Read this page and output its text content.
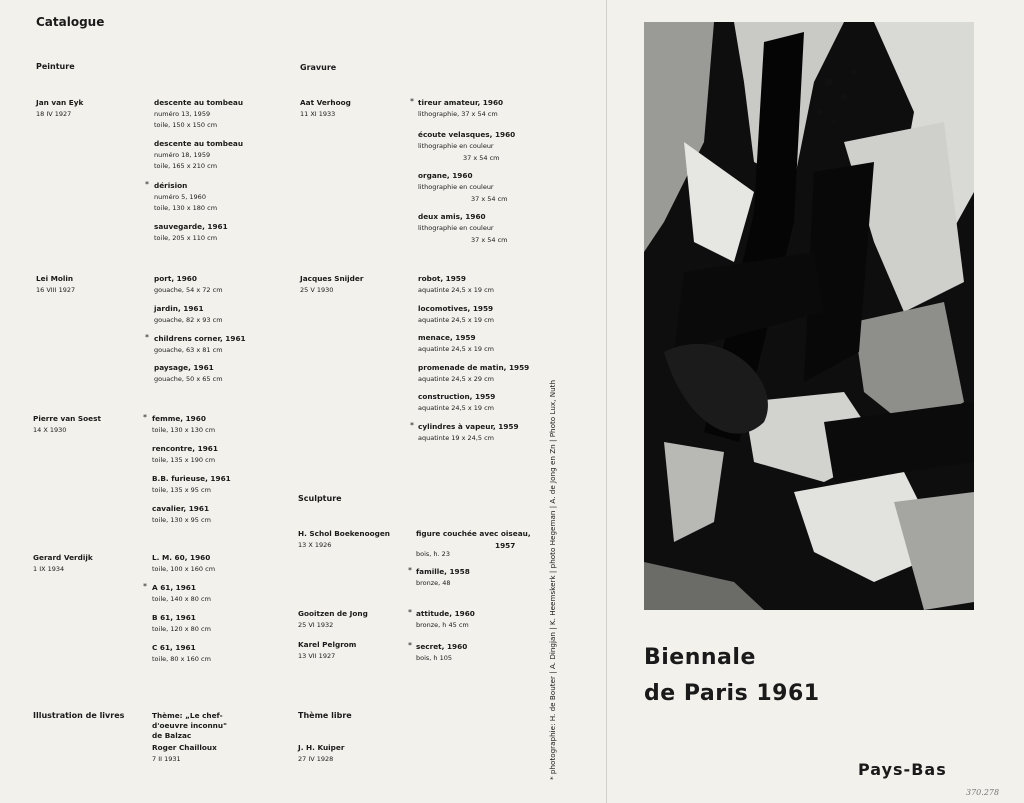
Catalogue
Peinture
Jan van Eyk
18 IV 1927
descente au tombeau
numéro 13, 1959
toile, 150 x 150 cm
descente au tombeau
numéro 18, 1959
toile, 165 x 210 cm
* dérision
numéro 5, 1960
toile, 130 x 180 cm
sauvegarde, 1961
toile, 205 x 110 cm
Lei Molin
16 VIII 1927
port, 1960
gouache, 54 x 72 cm
jardin, 1961
gouache, 82 x 93 cm
* childrens corner, 1961
gouache, 63 x 81 cm
paysage, 1961
gouache, 50 x 65 cm
Pierre van Soest
14 X 1930
* femme, 1960
toile, 130 x 130 cm
rencontre, 1961
toile, 135 x 190 cm
B.B. furieuse, 1961
toile, 135 x 95 cm
cavalier, 1961
toile, 130 x 95 cm
Gerard Verdijk
1 IX 1934
L. M. 60, 1960
toile, 100 x 160 cm
* A 61, 1961
toile, 140 x 80 cm
B 61, 1961
toile, 120 x 80 cm
C 61, 1961
toile, 80 x 160 cm
Illustration de livres	Thème: „Le chef-
d'oeuvre inconnu"
de Balzac
Roger Chailloux
7 II 1931
Gravure
Aat Verhoog
11 XI 1933
* tireur amateur, 1960
lithographie, 37 x 54 cm
écoute velasques, 1960
lithographie en couleur
37 x 54 cm
organe, 1960
lithographie en couleur
37 x 54 cm
deux amis, 1960
lithographie en couleur
37 x 54 cm
Jacques Snijder
25 V 1930
robot, 1959
aquatinte 24,5 x 19 cm
locomotives, 1959
aquatinte 24,5 x 19 cm
menace, 1959
aquatinte 24,5 x 19 cm
promenade de matin, 1959
aquatinte 24,5 x 29 cm
construction, 1959
aquatinte 24,5 x 19 cm
* cylindres à vapeur, 1959
aquatinte 19 x 24,5 cm
Sculpture
H. Schol Boekenoogen
13 X 1926
figure couchée avec oiseau,
1957
bois, h. 23
* famille, 1958
bronze, 48
Gooitzen de Jong
25 VI 1932
* attitude, 1960
bronze, h 45 cm
Karel Pelgrom
13 VII 1927
* secret, 1960
bois, h 105
Thème libre
J. H. Kuiper
27 IV 1928	* photographie: H. de Bouter | A. Dingjan | K. Heemskerk | photo Hegeman | A. de Jong en Zn | Photo Lux, Nuth	Biennale
de Paris 1961
Pays-Bas
370.278
